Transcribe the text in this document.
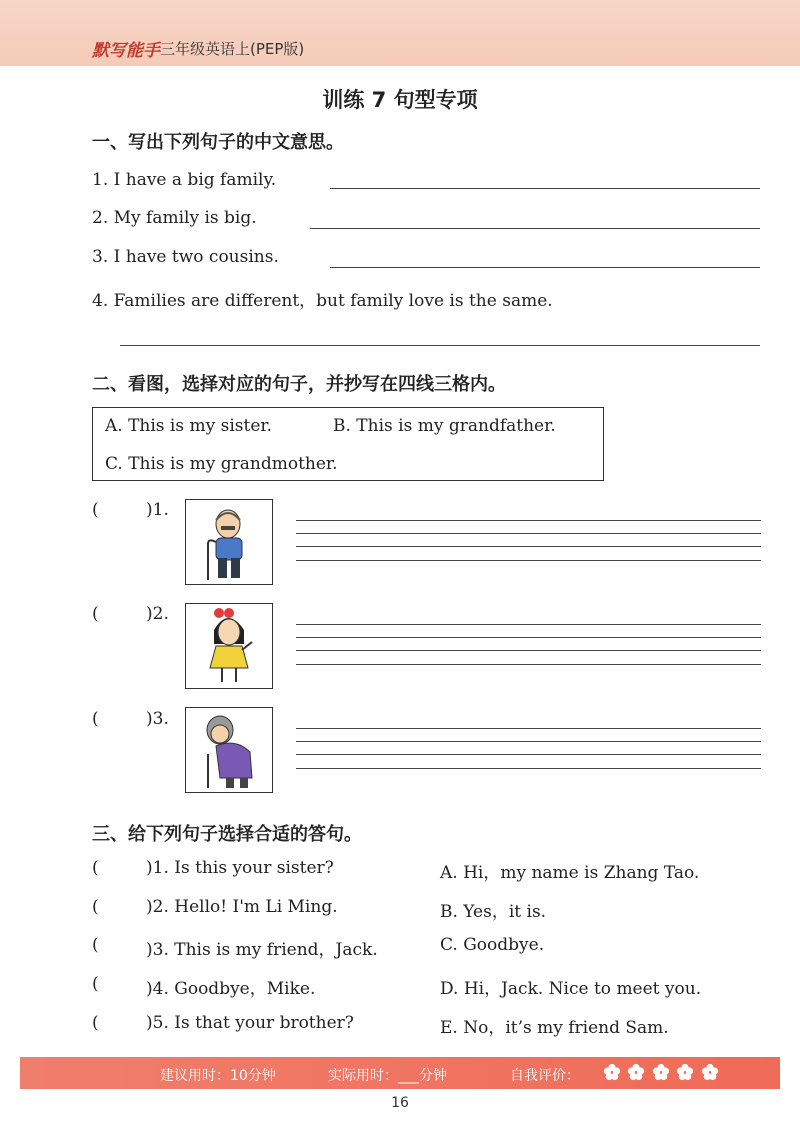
默写能手 三年级英语上(PEP版)
训练 7 句型专项
一、写出下列句子的中文意思。
1. I have a big family.
2. My family is big.
3. I have two cousins.
4. Families are different，but family love is the same.
二、看图，选择对应的句子，并抄写在四线三格内。
A. This is my sister.	B. This is my grandfather.
C. This is my grandmother.
(	)1.
(	)2.
(	)3.
三、给下列句子选择合适的答句。
(	)1. Is this your sister?	A. Hi，my name is Zhang Tao.
(	)2. Hello! I'm Li Ming.	B. Yes，it is.
(	)3. This is my friend，Jack.	C. Goodbye.
(	)4. Goodbye，Mike.	D. Hi，Jack. Nice to meet you.
(	)5. Is that your brother?	E. No，it’s my friend Sam.
建议用时：10分钟	实际用时：___分钟	自我评价：

16
